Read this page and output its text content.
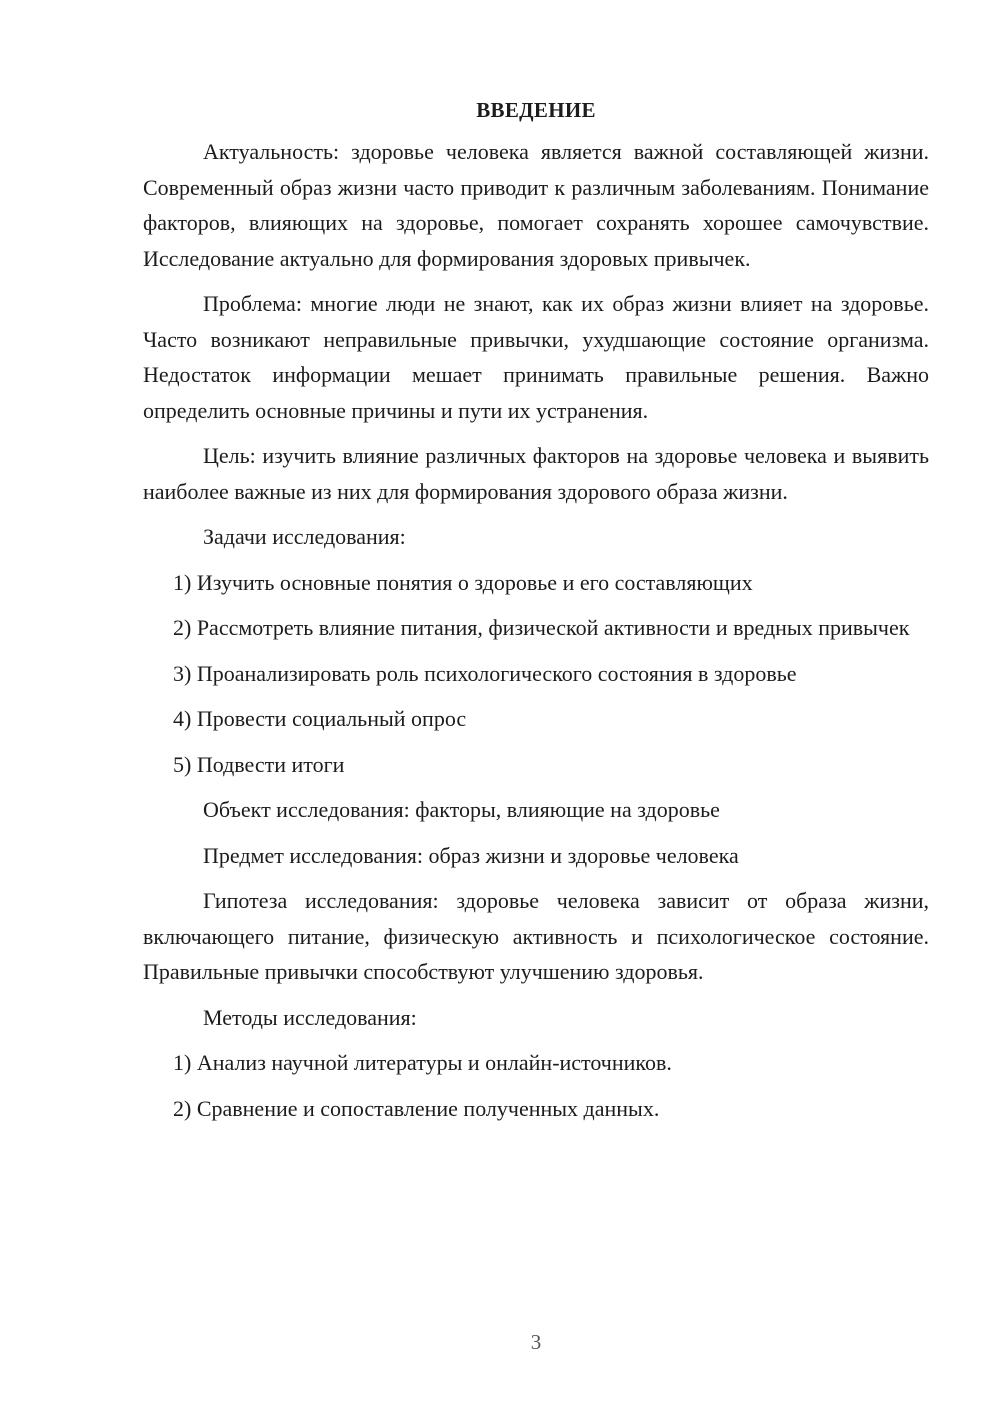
ВВЕДЕНИЕ

Актуальность: здоровье человека является важной составляющей жизни. Современный образ жизни часто приводит к различным заболеваниям. Понимание факторов, влияющих на здоровье, помогает сохранять хорошее самочувствие. Исследование актуально для формирования здоровых привычек.

Проблема: многие люди не знают, как их образ жизни влияет на здоровье. Часто возникают неправильные привычки, ухудшающие состояние организма. Недостаток информации мешает принимать правильные решения. Важно определить основные причины и пути их устранения.

Цель: изучить влияние различных факторов на здоровье человека и выявить наиболее важные из них для формирования здорового образа жизни.

Задачи исследования:

1) Изучить основные понятия о здоровье и его составляющих

2) Рассмотреть влияние питания, физической активности и вредных привычек

3) Проанализировать роль психологического состояния в здоровье

4) Провести социальный опрос

5) Подвести итоги

Объект исследования: факторы, влияющие на здоровье

Предмет исследования: образ жизни и здоровье человека

Гипотеза исследования: здоровье человека зависит от образа жизни, включающего питание, физическую активность и психологическое состояние. Правильные привычки способствуют улучшению здоровья.

Методы исследования:

1) Анализ научной литературы и онлайн-источников.

2) Сравнение и сопоставление полученных данных.

3
